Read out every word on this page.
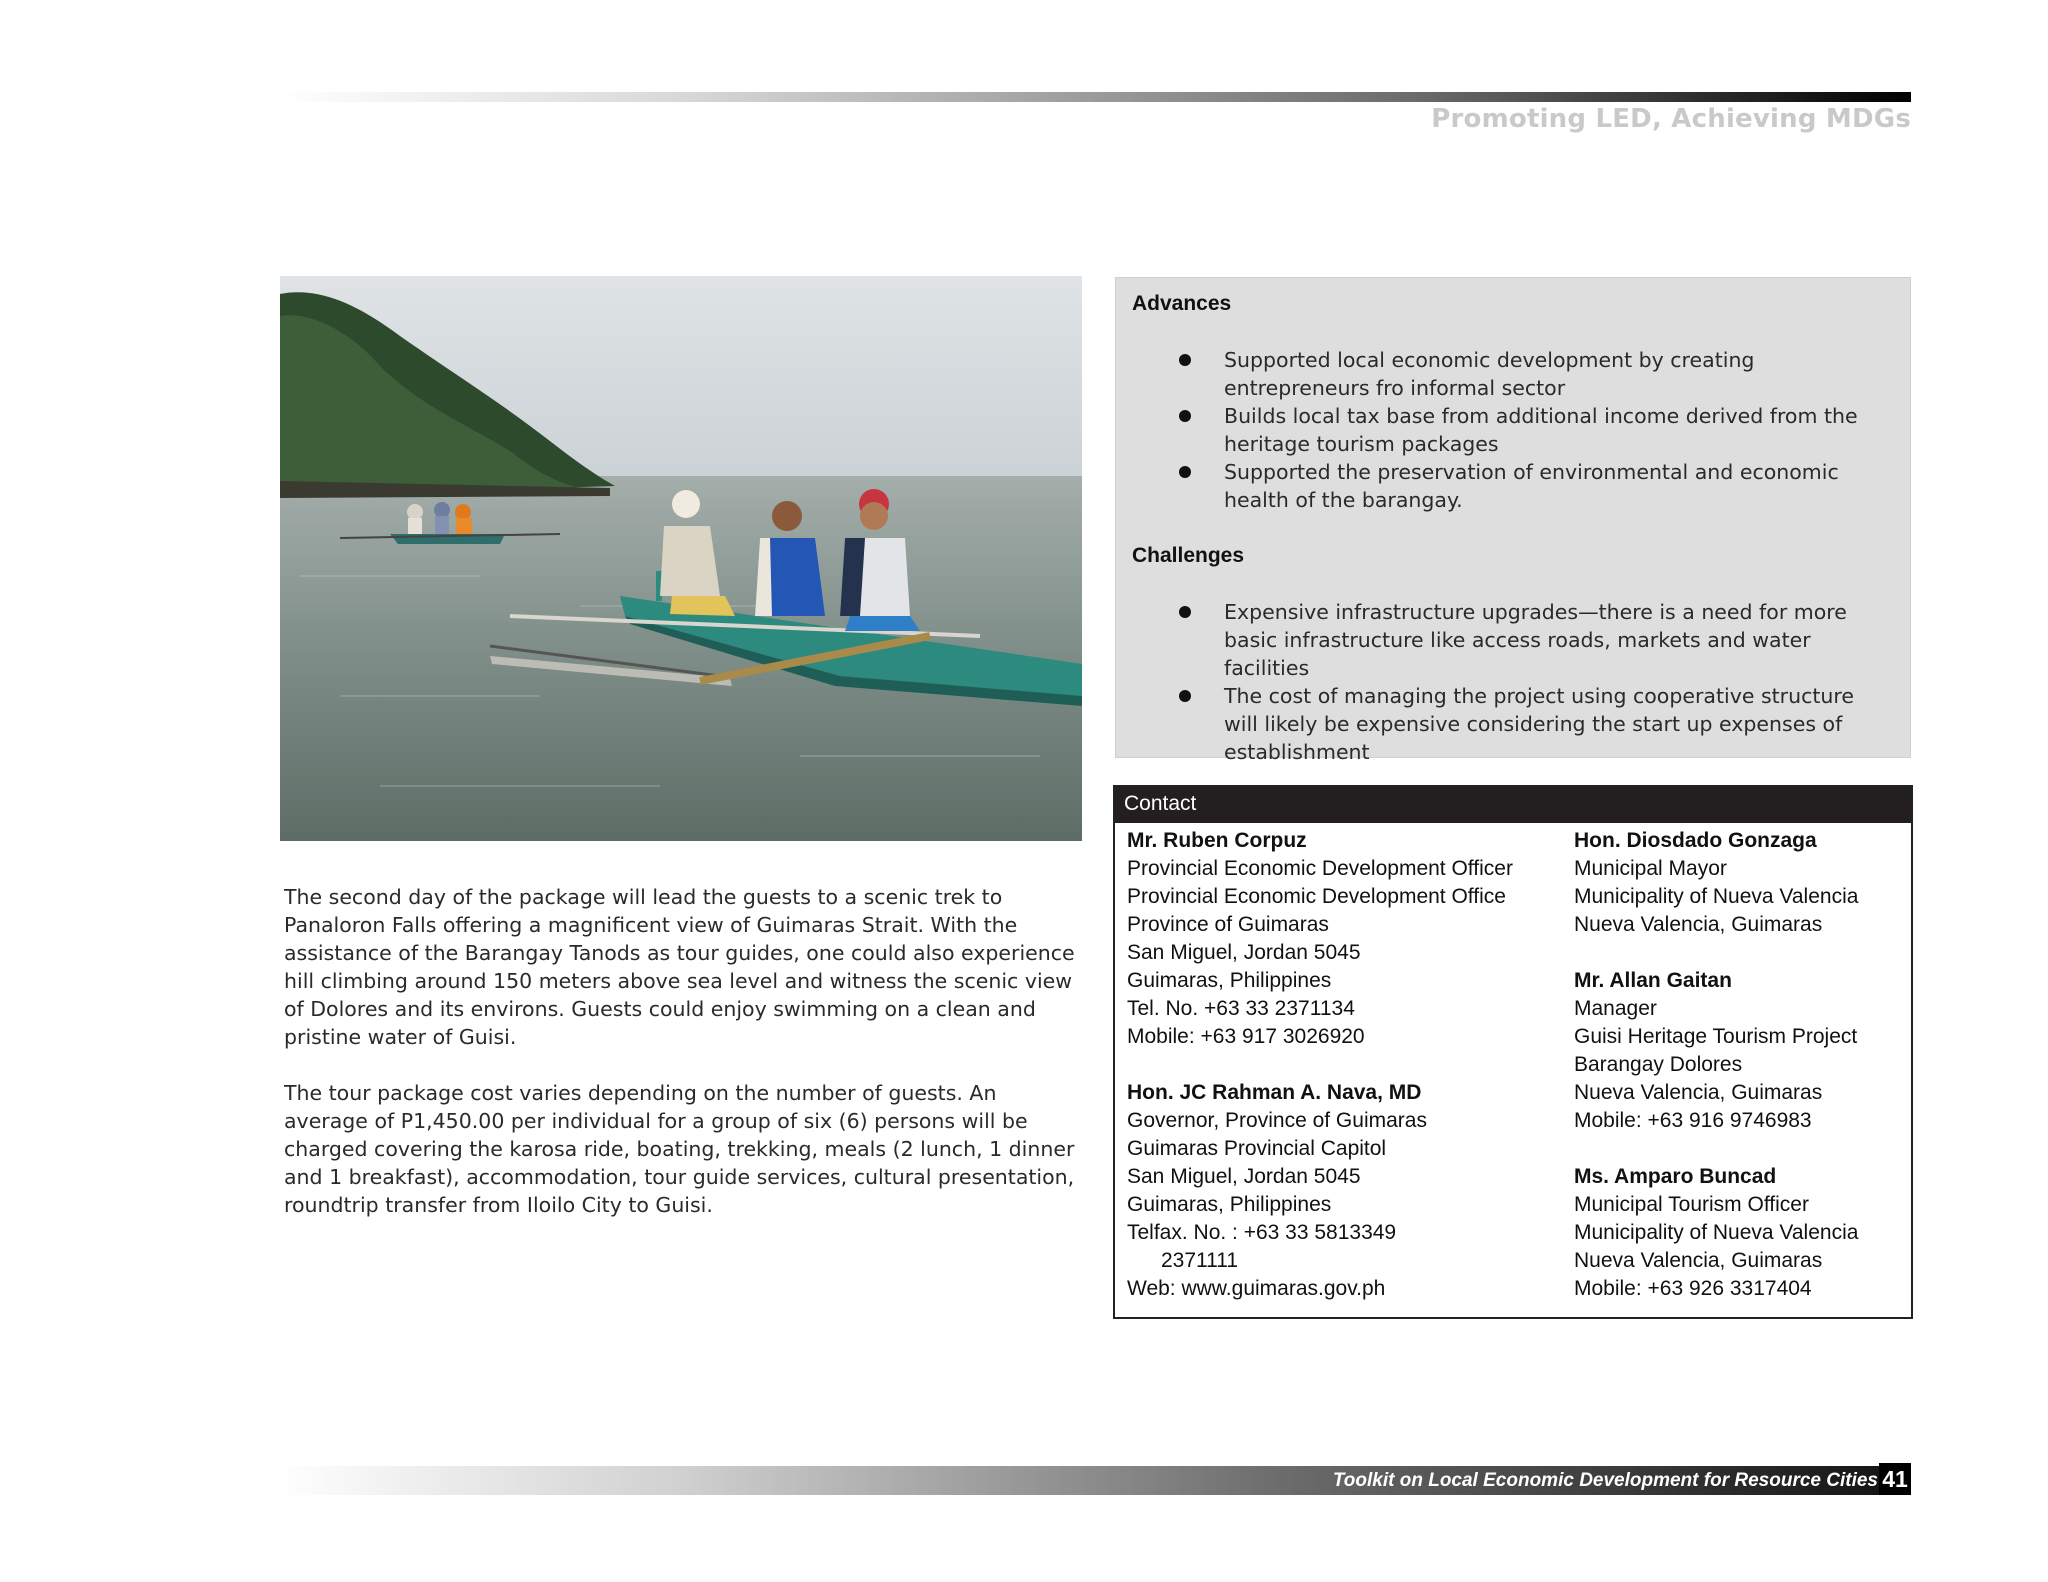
Promoting LED, Achieving MDGs

The second day of the package will lead the guests to a scenic trek to Panaloron Falls offering a magnificent view of Guimaras Strait. With the assistance of the Barangay Tanods as tour guides, one could also experience hill climbing around 150 meters above sea level and witness the scenic view of Dolores and its environs. Guests could enjoy swimming on a clean and pristine water of Guisi.

The tour package cost varies depending on the number of guests. An average of P1,450.00 per individual for a group of six (6) persons will be charged covering the karosa ride, boating, trekking, meals (2 lunch, 1 dinner and 1 breakfast), accommodation, tour guide services, cultural presentation, roundtrip transfer from Iloilo City to Guisi.

Advances
Supported local economic development by creating entrepreneurs fro informal sector
Builds local tax base from additional income derived from the heritage tourism packages
Supported the preservation of environmental and economic health of the barangay.
Challenges
Expensive infrastructure upgrades—there is a need for more basic infrastructure like access roads, markets and water facilities
The cost of managing the project using cooperative structure will likely be expensive considering the start up expenses of establishment
Contact
Mr. Ruben Corpuz
Provincial Economic Development Officer
Provincial Economic Development Office
Province of Guimaras
San Miguel, Jordan 5045
Guimaras, Philippines
Tel. No. +63 33 2371134
Mobile: +63 917 3026920
Hon. JC Rahman A. Nava, MD
Governor, Province of Guimaras
Guimaras Provincial Capitol
San Miguel, Jordan 5045
Guimaras, Philippines
Telfax. No. : +63 33 5813349
2371111
Web: www.guimaras.gov.ph
Hon. Diosdado Gonzaga
Municipal Mayor
Municipality of Nueva Valencia
Nueva Valencia, Guimaras
Mr. Allan Gaitan
Manager
Guisi Heritage Tourism Project
Barangay Dolores
Nueva Valencia, Guimaras
Mobile: +63 916 9746983
Ms. Amparo Buncad
Municipal Tourism Officer
Municipality of Nueva Valencia
Nueva Valencia, Guimaras
Mobile: +63 926 3317404
Toolkit on Local Economic Development for Resource Cities 41
